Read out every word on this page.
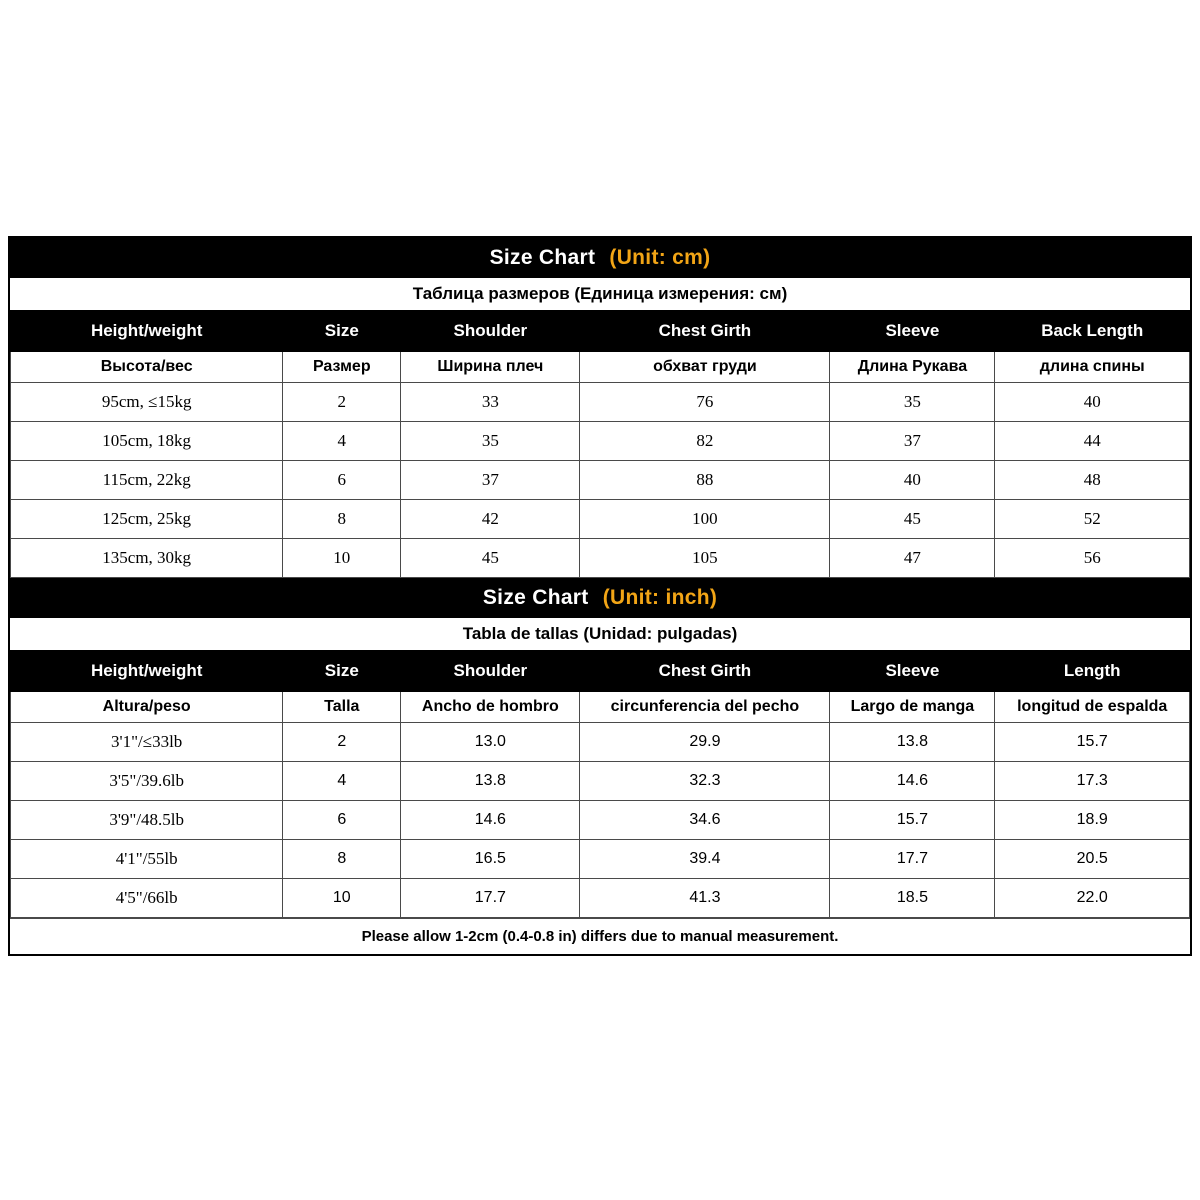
Size Chart (Unit: cm)
Таблица размеров (Единица измерения: см)
Height/weight	Size	Shoulder	Chest Girth	Sleeve	Back Length
Высота/вес	Размер	Ширина плеч	обхват груди	Длина Рукава	длина спины
95cm, ≤15kg	2	33	76	35	40
105cm, 18kg	4	35	82	37	44
115cm, 22kg	6	37	88	40	48
125cm, 25kg	8	42	100	45	52
135cm, 30kg	10	45	105	47	56
Size Chart (Unit: inch)
Tabla de tallas (Unidad: pulgadas)
Height/weight	Size	Shoulder	Chest Girth	Sleeve	Length
Altura/peso	Talla	Ancho de hombro	circunferencia del pecho	Largo de manga	longitud de espalda
3'1"/≤33lb	2	13.0	29.9	13.8	15.7
3'5"/39.6lb	4	13.8	32.3	14.6	17.3
3'9"/48.5lb	6	14.6	34.6	15.7	18.9
4'1"/55lb	8	16.5	39.4	17.7	20.5
4'5"/66lb	10	17.7	41.3	18.5	22.0
Please allow 1-2cm (0.4-0.8 in) differs due to manual measurement.
